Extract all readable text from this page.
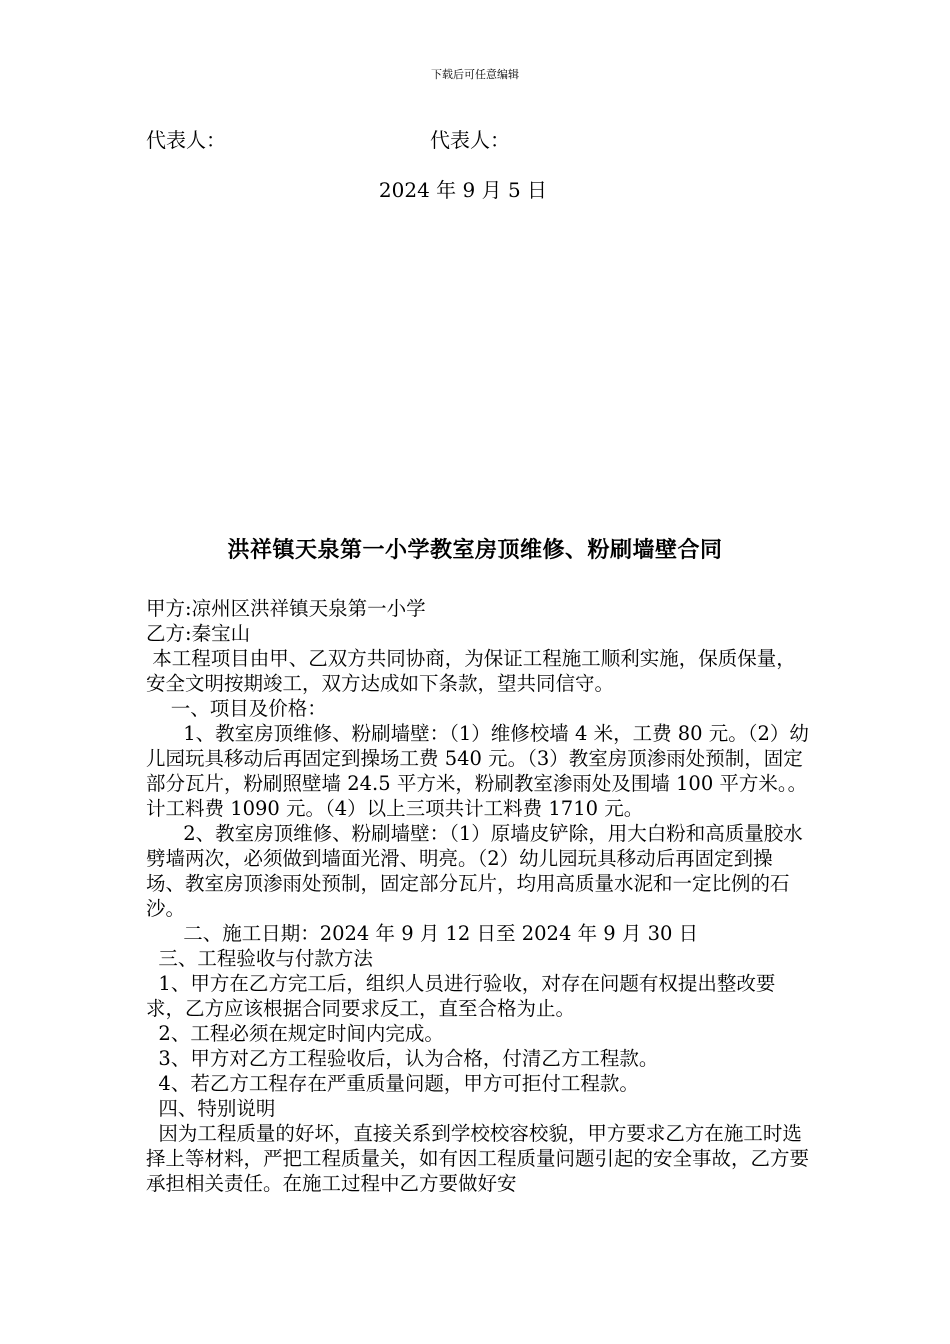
下载后可任意编辑
代表人：	代表人：
2024 年 9 月 5 日
洪祥镇天泉第一小学教室房顶维修、粉刷墙壁合同

甲方:凉州区洪祥镇天泉第一小学

乙方:秦宝山

本工程项目由甲、乙双方共同协商，为保证工程施工顺利实施，保质保量，安全文明按期竣工，双方达成如下条款，望共同信守。

一、项目及价格：

1、教室房顶维修、粉刷墙壁：（1）维修校墙 4 米，工费 80 元。（2）幼儿园玩具移动后再固定到操场工费 540 元。（3）教室房顶渗雨处预制，固定部分瓦片，粉刷照壁墙 24.5 平方米，粉刷教室渗雨处及围墙 100 平方米。。计工料费 1090 元。（4）以上三项共计工料费 1710 元。

2、教室房顶维修、粉刷墙壁：（1）原墙皮铲除，用大白粉和高质量胶水劈墙两次，必须做到墙面光滑、明亮。（2）幼儿园玩具移动后再固定到操场、教室房顶渗雨处预制，固定部分瓦片，均用高质量水泥和一定比例的石沙。

二、施工日期：2024 年 9 月 12 日至 2024 年 9 月 30 日

三、工程验收与付款方法

1、甲方在乙方完工后，组织人员进行验收，对存在问题有权提出整改要求，乙方应该根据合同要求反工，直至合格为止。

2、工程必须在规定时间内完成。

3、甲方对乙方工程验收后，认为合格，付清乙方工程款。

4、若乙方工程存在严重质量问题，甲方可拒付工程款。

四、特别说明

因为工程质量的好坏，直接关系到学校校容校貌，甲方要求乙方在施工时选择上等材料，严把工程质量关，如有因工程质量问题引起的安全事故，乙方要承担相关责任。在施工过程中乙方要做好安
